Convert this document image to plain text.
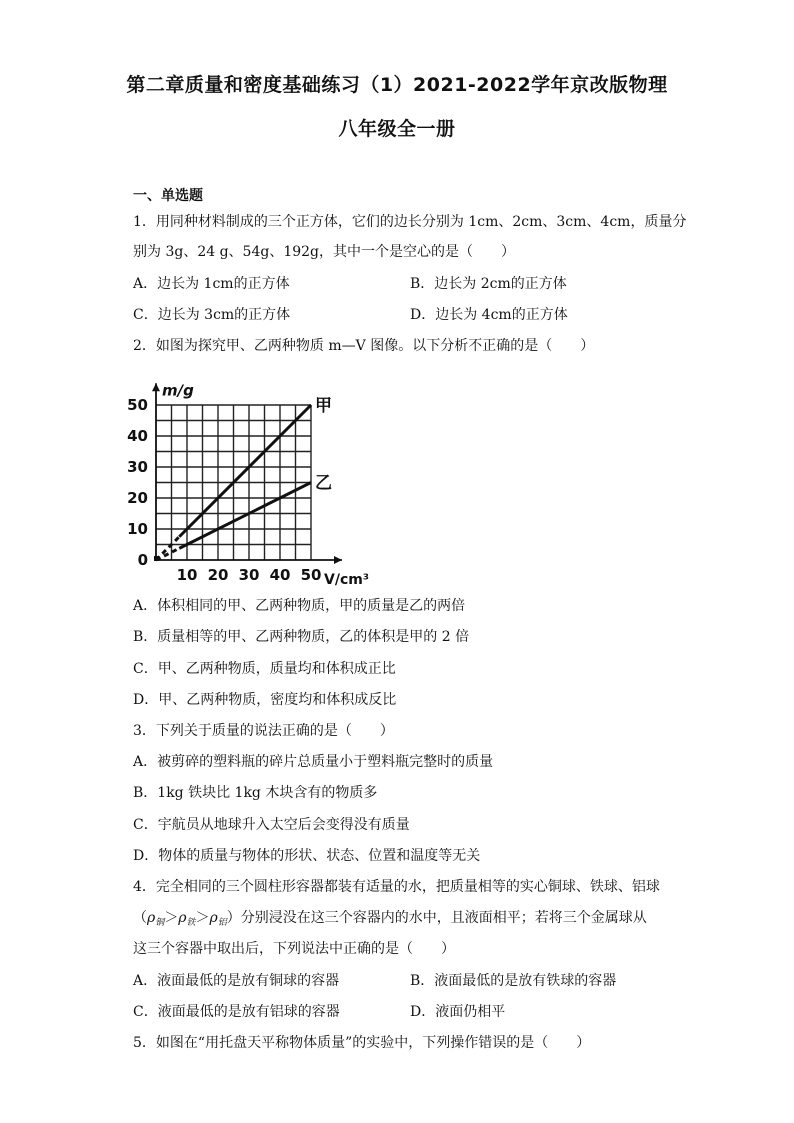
第二章质量和密度基础练习（1）2021-2022学年京改版物理
八年级全一册
一、单选题
1．用同种材料制成的三个正方体，它们的边长分别为 1cm、2cm、3cm、4cm，质量分
别为 3g、24 g、54g、192g，其中一个是空心的是（　　）
A．边长为 1cm的正方体	B．边长为 2cm的正方体
C．边长为 3cm的正方体	D．边长为 4cm的正方体
2．如图为探究甲、乙两种物质 m—V 图像。以下分析不正确的是（　　）
甲
乙
10 20 30 40 50
0
10
20
30
40
50
m/g
V/cm³
A．体积相同的甲、乙两种物质，甲的质量是乙的两倍
B．质量相等的甲、乙两种物质，乙的体积是甲的 2 倍
C．甲、乙两种物质，质量均和体积成正比
D．甲、乙两种物质，密度均和体积成反比
3．下列关于质量的说法正确的是（　　）
A．被剪碎的塑料瓶的碎片总质量小于塑料瓶完整时的质量
B．1kg 铁块比 1kg 木块含有的物质多
C．宇航员从地球升入太空后会变得没有质量
D．物体的质量与物体的形状、状态、位置和温度等无关
4．完全相同的三个圆柱形容器都装有适量的水，把质量相等的实心铜球、铁球、铝球
$(\rho_铜>\rho_铁>\rho_铝)$分别浸没在这三个容器内的水中，且液面相平；若将三个金属球从
这三个容器中取出后，下列说法中正确的是（　　）
A．液面最低的是放有铜球的容器	B．液面最低的是放有铁球的容器
C．液面最低的是放有铝球的容器	D．液面仍相平
5．如图在“用托盘天平称物体质量”的实验中，下列操作错误的是（　　）
